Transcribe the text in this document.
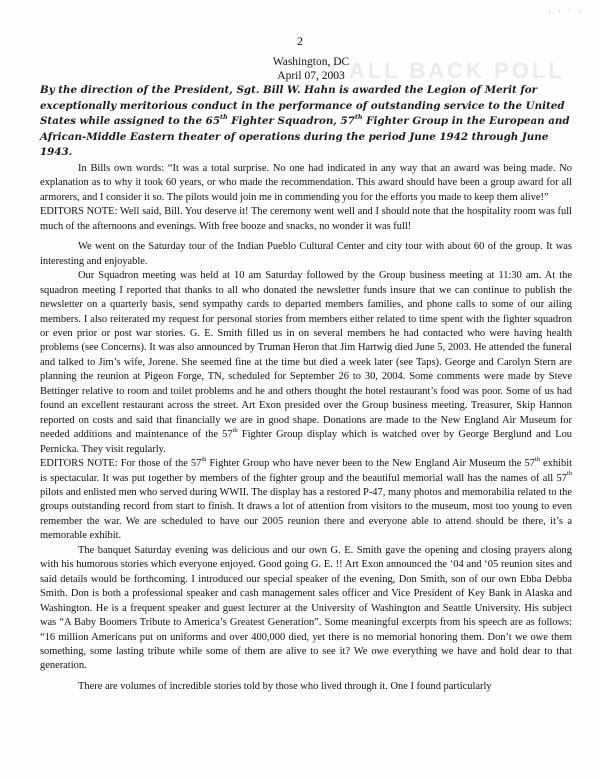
CALL BACK POLL
· · ˙ ·
2
Washington, DC
April 07, 2003
By the direction of the President, Sgt. Bill W. Hahn is awarded the Legion of Merit for exceptionally meritorious conduct in the performance of outstanding service to the United States while assigned to the 65th Fighter Squadron, 57th Fighter Group in the European and African-Middle Eastern theater of operations during the period June 1942 through June 1943.

In Bills own words: “It was a total surprise. No one had indicated in any way that an award was being made. No explanation as to why it took 60 years, or who made the recommendation. This award should have been a group award for all armorers, and I consider it so. The pilots would join me in commending you for the efforts you made to keep them alive!”

EDITORS NOTE: Well said, Bill. You deserve it! The ceremony went well and I should note that the hospitality room was full much of the afternoons and evenings. With free booze and snacks, no wonder it was full!

We went on the Saturday tour of the Indian Pueblo Cultural Center and city tour with about 60 of the group. It was interesting and enjoyable.

Our Squadron meeting was held at 10 am Saturday followed by the Group business meeting at 11:30 am. At the squadron meeting I reported that thanks to all who donated the newsletter funds insure that we can continue to publish the newsletter on a quarterly basis, send sympathy cards to departed members families, and phone calls to some of our ailing members. I also reiterated my request for personal stories from members either related to time spent with the fighter squadron or even prior or post war stories. G. E. Smith filled us in on several members he had contacted who were having health problems (see Concerns). It was also announced by Truman Heron that Jim Hartwig died June 5, 2003. He attended the funeral and talked to Jim’s wife, Jorene. She seemed fine at the time but died a week later (see Taps). George and Carolyn Stern are planning the reunion at Pigeon Forge, TN, scheduled for September 26 to 30, 2004. Some comments were made by Steve Bettinger relative to room and toilet problems and he and others thought the hotel restaurant’s food was poor. Some of us had found an excellent restaurant across the street. Art Exon presided over the Group business meeting. Treasurer, Skip Hannon reported on costs and said that financially we are in good shape. Donations are made to the New England Air Museum for needed additions and maintenance of the 57th Fighter Group display which is watched over by George Berglund and Lou Pernicka. They visit regularly.

EDITORS NOTE: For those of the 57th Fighter Group who have never been to the New England Air Museum the 57th exhibit is spectacular. It was put together by members of the fighter group and the beautiful memorial wall has the names of all 57th pilots and enlisted men who served during WWII. The display has a restored P-47, many photos and memorabilia related to the groups outstanding record from start to finish. It draws a lot of attention from visitors to the museum, most too young to even remember the war. We are scheduled to have our 2005 reunion there and everyone able to attend should be there, it’s a memorable exhibit.

The banquet Saturday evening was delicious and our own G. E. Smith gave the opening and closing prayers along with his humorous stories which everyone enjoyed. Good going G. E. !! Art Exon announced the ‘04 and ‘05 reunion sites and said details would be forthcoming. I introduced our special speaker of the evening, Don Smith, son of our own Ebba Debba Smith. Don is both a professional speaker and cash management sales officer and Vice President of Key Bank in Alaska and Washington. He is a frequent speaker and guest lecturer at the University of Washington and Seattle University. His subject was “A Baby Boomers Tribute to America’s Greatest Generation”. Some meaningful excerpts from his speech are as follows: “16 million Americans put on uniforms and over 400,000 died, yet there is no memorial honoring them. Don’t we owe them something, some lasting tribute while some of them are alive to see it? We owe everything we have and hold dear to that generation.

There are volumes of incredible stories told by those who lived through it. One I found particularly
